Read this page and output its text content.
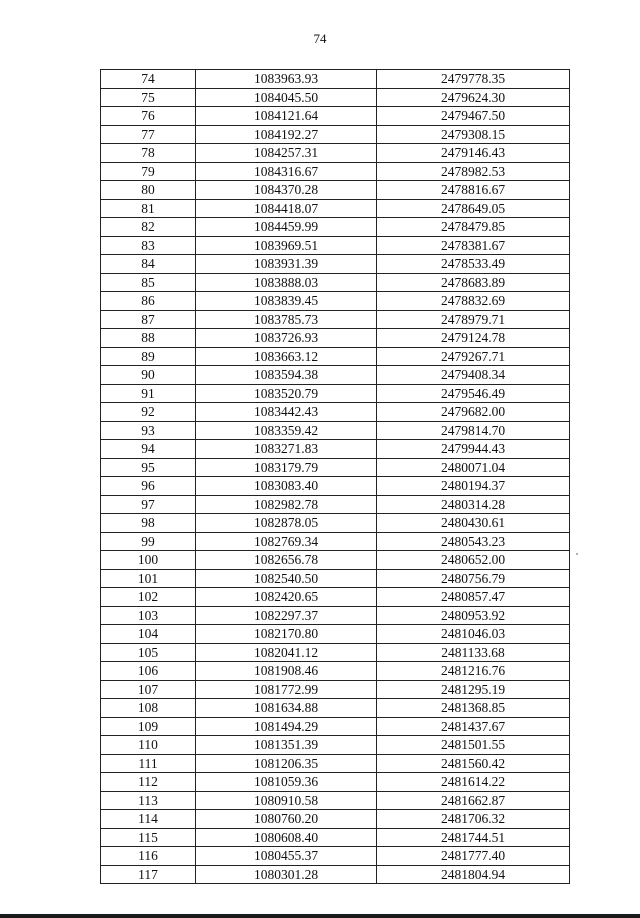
74
74	1083963.93	2479778.35
75	1084045.50	2479624.30
76	1084121.64	2479467.50
77	1084192.27	2479308.15
78	1084257.31	2479146.43
79	1084316.67	2478982.53
80	1084370.28	2478816.67
81	1084418.07	2478649.05
82	1084459.99	2478479.85
83	1083969.51	2478381.67
84	1083931.39	2478533.49
85	1083888.03	2478683.89
86	1083839.45	2478832.69
87	1083785.73	2478979.71
88	1083726.93	2479124.78
89	1083663.12	2479267.71
90	1083594.38	2479408.34
91	1083520.79	2479546.49
92	1083442.43	2479682.00
93	1083359.42	2479814.70
94	1083271.83	2479944.43
95	1083179.79	2480071.04
96	1083083.40	2480194.37
97	1082982.78	2480314.28
98	1082878.05	2480430.61
99	1082769.34	2480543.23
100	1082656.78	2480652.00
101	1082540.50	2480756.79
102	1082420.65	2480857.47
103	1082297.37	2480953.92
104	1082170.80	2481046.03
105	1082041.12	2481133.68
106	1081908.46	2481216.76
107	1081772.99	2481295.19
108	1081634.88	2481368.85
109	1081494.29	2481437.67
110	1081351.39	2481501.55
111	1081206.35	2481560.42
112	1081059.36	2481614.22
113	1080910.58	2481662.87
114	1080760.20	2481706.32
115	1080608.40	2481744.51
116	1080455.37	2481777.40
117	1080301.28	2481804.94
